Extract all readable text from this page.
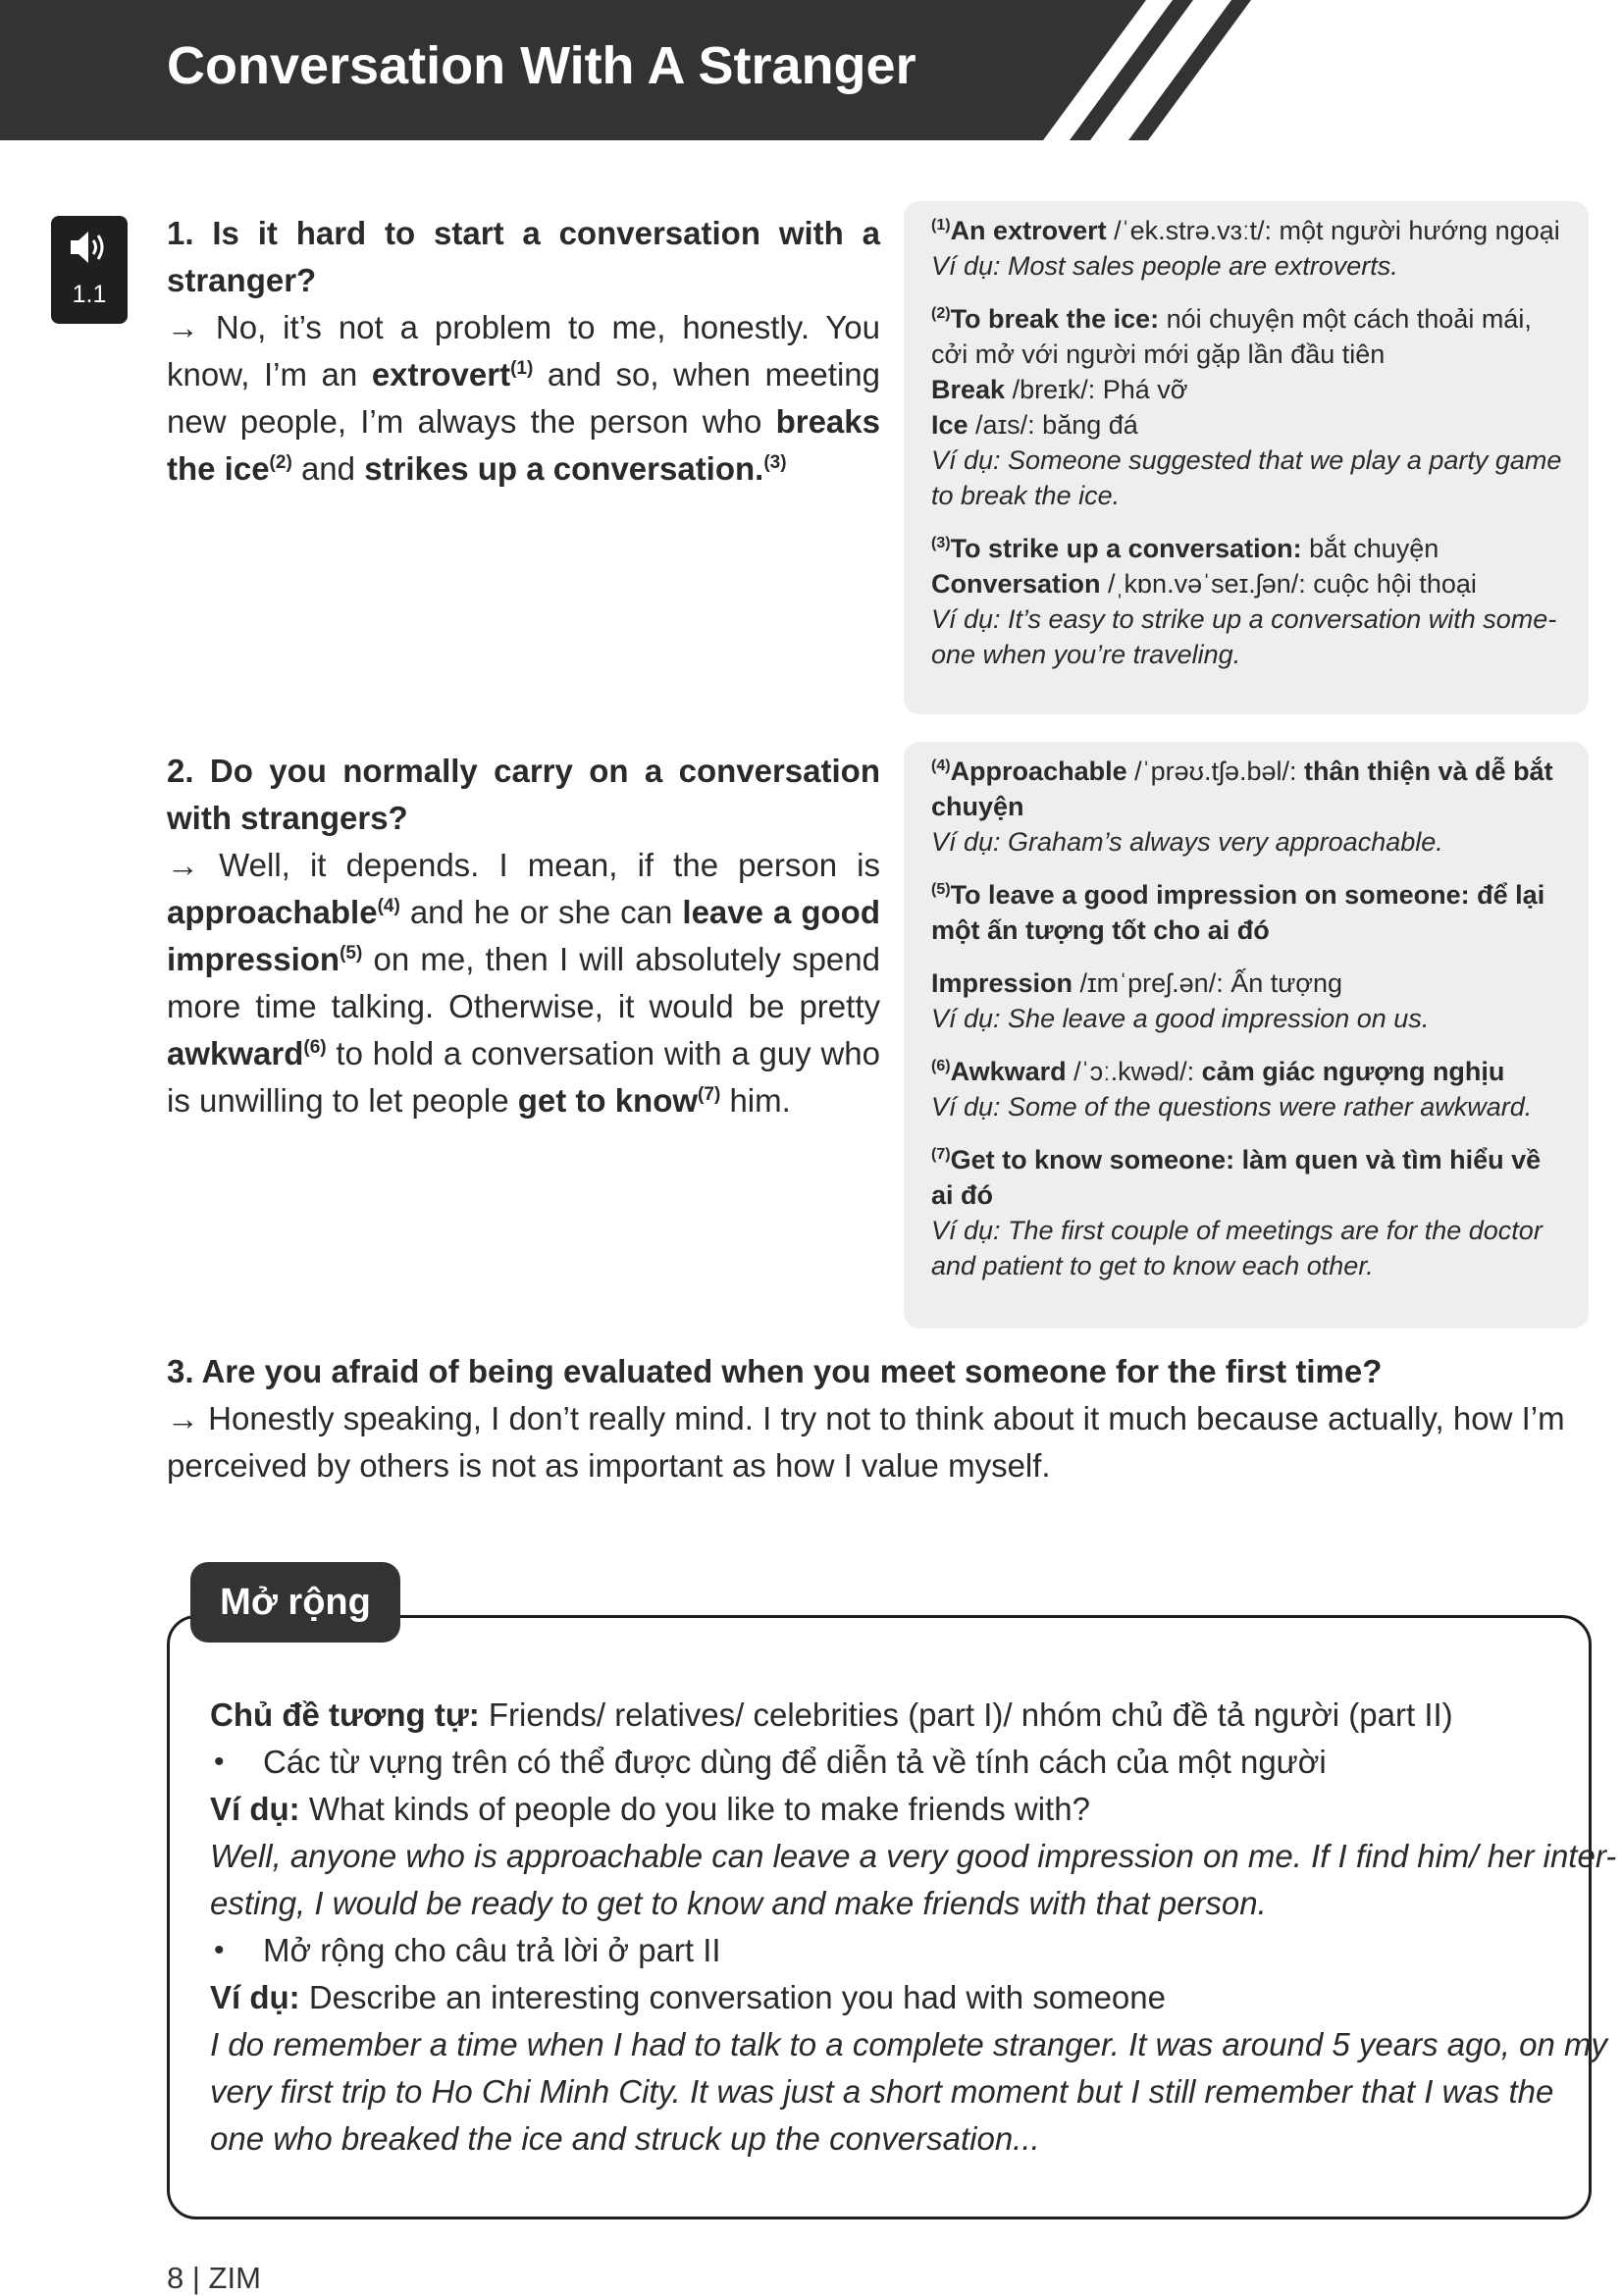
Conversation With A Stranger
1.1
1. Is it hard to start a conversation with a stranger?
→ No, it’s not a problem to me, honestly. You know, I’m an extrovert$^{(1)}$ and so, when meeting new people, I’m always the person who breaks the ice$^{(2)}$ and strikes up a conversation.$^{(3)}$
$^{(1)}$An extrovert /ˈek.strə.vɜːt/: một người hướng ngoại
Ví dụ: Most sales people are extroverts.
$^{(2)}$To break the ice: nói chuyện một cách thoải mái, cởi mở với người mới gặp lần đầu tiên
Break /breɪk/: Phá vỡ
Ice /aɪs/: băng đá
Ví dụ: Someone suggested that we play a party game to break the ice.
$^{(3)}$To strike up a conversation: bắt chuyện
Conversation /ˌkɒn.vəˈseɪ.ʃən/: cuộc hội thoại
Ví dụ: It’s easy to strike up a conversation with some-one when you’re traveling.
2. Do you normally carry on a conversation with strangers?
→ Well, it depends. I mean, if the person is approachable$^{(4)}$ and he or she can leave a good impression$^{(5)}$ on me, then I will absolutely spend more time talking. Otherwise, it would be pretty awkward$^{(6)}$ to hold a conversation with a guy who is unwilling to let people get to know$^{(7)}$ him.
$^{(4)}$Approachable /ˈprəʊ.tʃə.bəl/: thân thiện và dễ bắt chuyện
Ví dụ: Graham’s always very approachable.
$^{(5)}$To leave a good impression on someone: để lại một ấn tượng tốt cho ai đó
Impression /ɪmˈpreʃ.ən/: Ấn tượng
Ví dụ: She leave a good impression on us.
$^{(6)}$Awkward /ˈɔː.kwəd/: cảm giác ngượng nghịu
Ví dụ: Some of the questions were rather awkward.
$^{(7)}$Get to know someone: làm quen và tìm hiểu về ai đó
Ví dụ: The first couple of meetings are for the doctor and patient to get to know each other.
3. Are you afraid of being evaluated when you meet someone for the first time?
→ Honestly speaking, I don’t really mind. I try not to think about it much because actually, how I’m perceived by others is not as important as how I value myself.
Mở rộng
Chủ đề tương tự: Friends/ relatives/ celebrities (part I)/ nhóm chủ đề tả người (part II)
• Các từ vựng trên có thể được dùng để diễn tả về tính cách của một người
Ví dụ: What kinds of people do you like to make friends with?
Well, anyone who is approachable can leave a very good impression on me. If I find him/ her inter-
esting, I would be ready to get to know and make friends with that person.
• Mở rộng cho câu trả lời ở part II
Ví dụ: Describe an interesting conversation you had with someone
I do remember a time when I had to talk to a complete stranger. It was around 5 years ago, on my
very first trip to Ho Chi Minh City. It was just a short moment but I still remember that I was the
one who breaked the ice and struck up the conversation...
8 | ZIM
